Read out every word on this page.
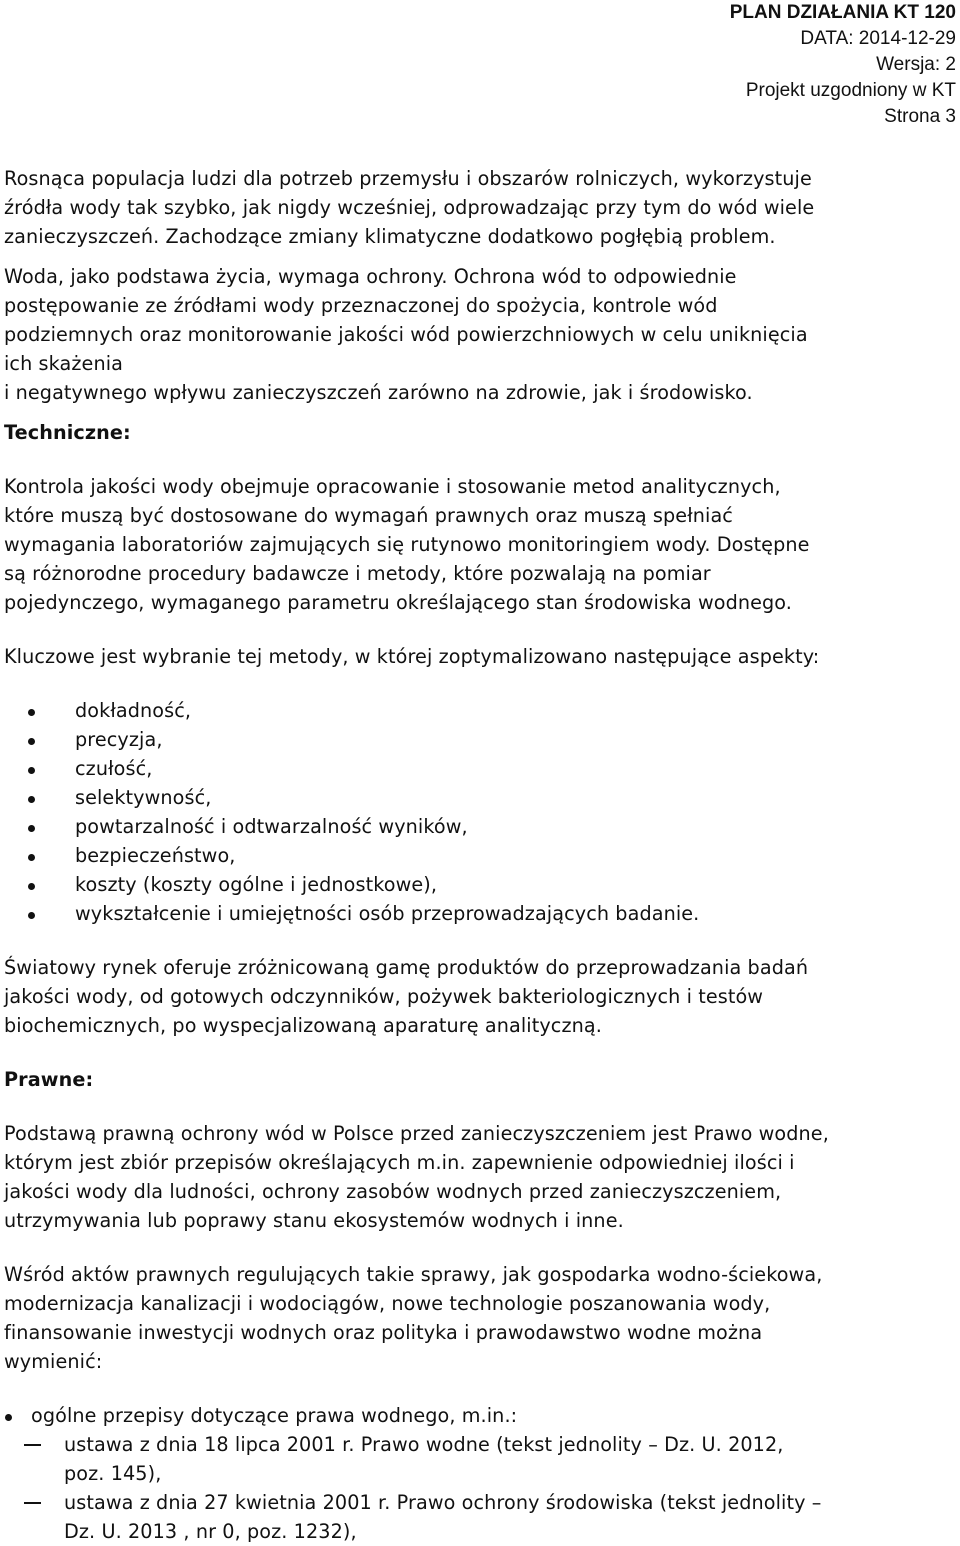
PLAN DZIAŁANIA KT 120
DATA: 2014-12-29
Wersja: 2
Projekt uzgodniony w KT
Strona 3

Rosnąca populacja ludzi dla potrzeb przemysłu i obszarów rolniczych, wykorzystuje
źródła wody tak szybko, jak nigdy wcześniej, odprowadzając przy tym do wód wiele
zanieczyszczeń. Zachodzące zmiany klimatyczne dodatkowo pogłębią problem.

Woda, jako podstawa życia, wymaga ochrony. Ochrona wód to odpowiednie
postępowanie ze źródłami wody przeznaczonej do spożycia, kontrole wód
podziemnych oraz monitorowanie jakości wód powierzchniowych w celu uniknięcia
ich skażenia
i negatywnego wpływu zanieczyszczeń zarówno na zdrowie, jak i środowisko.

Techniczne:

Kontrola jakości wody obejmuje opracowanie i stosowanie metod analitycznych,
które muszą być dostosowane do wymagań prawnych oraz muszą spełniać
wymagania laboratoriów zajmujących się rutynowo monitoringiem wody. Dostępne
są różnorodne procedury badawcze i metody, które pozwalają na pomiar
pojedynczego, wymaganego parametru określającego stan środowiska wodnego.

Kluczowe jest wybranie tej metody, w której zoptymalizowano następujące aspekty:

dokładność,
precyzja,
czułość,
selektywność,
powtarzalność i odtwarzalność wyników,
bezpieczeństwo,
koszty (koszty ogólne i jednostkowe),
wykształcenie i umiejętności osób przeprowadzających badanie.

Światowy rynek oferuje zróżnicowaną gamę produktów do przeprowadzania badań
jakości wody, od gotowych odczynników, pożywek bakteriologicznych i testów
biochemicznych, po wyspecjalizowaną aparaturę analityczną.

Prawne:

Podstawą prawną ochrony wód w Polsce przed zanieczyszczeniem jest Prawo wodne,
którym jest zbiór przepisów określających m.in. zapewnienie odpowiedniej ilości i
jakości wody dla ludności, ochrony zasobów wodnych przed zanieczyszczeniem,
utrzymywania lub poprawy stanu ekosystemów wodnych i inne.

Wśród aktów prawnych regulujących takie sprawy, jak gospodarka wodno-ściekowa,
modernizacja kanalizacji i wodociągów, nowe technologie poszanowania wody,
finansowanie inwestycji wodnych oraz polityka i prawodawstwo wodne można
wymienić:

ogólne przepisy dotyczące prawa wodnego, m.in.:
ustawa z dnia 18 lipca 2001 r. Prawo wodne (tekst jednolity – Dz. U. 2012,
poz. 145),
ustawa z dnia 27 kwietnia 2001 r. Prawo ochrony środowiska (tekst jednolity –
Dz. U. 2013 , nr 0, poz. 1232),
